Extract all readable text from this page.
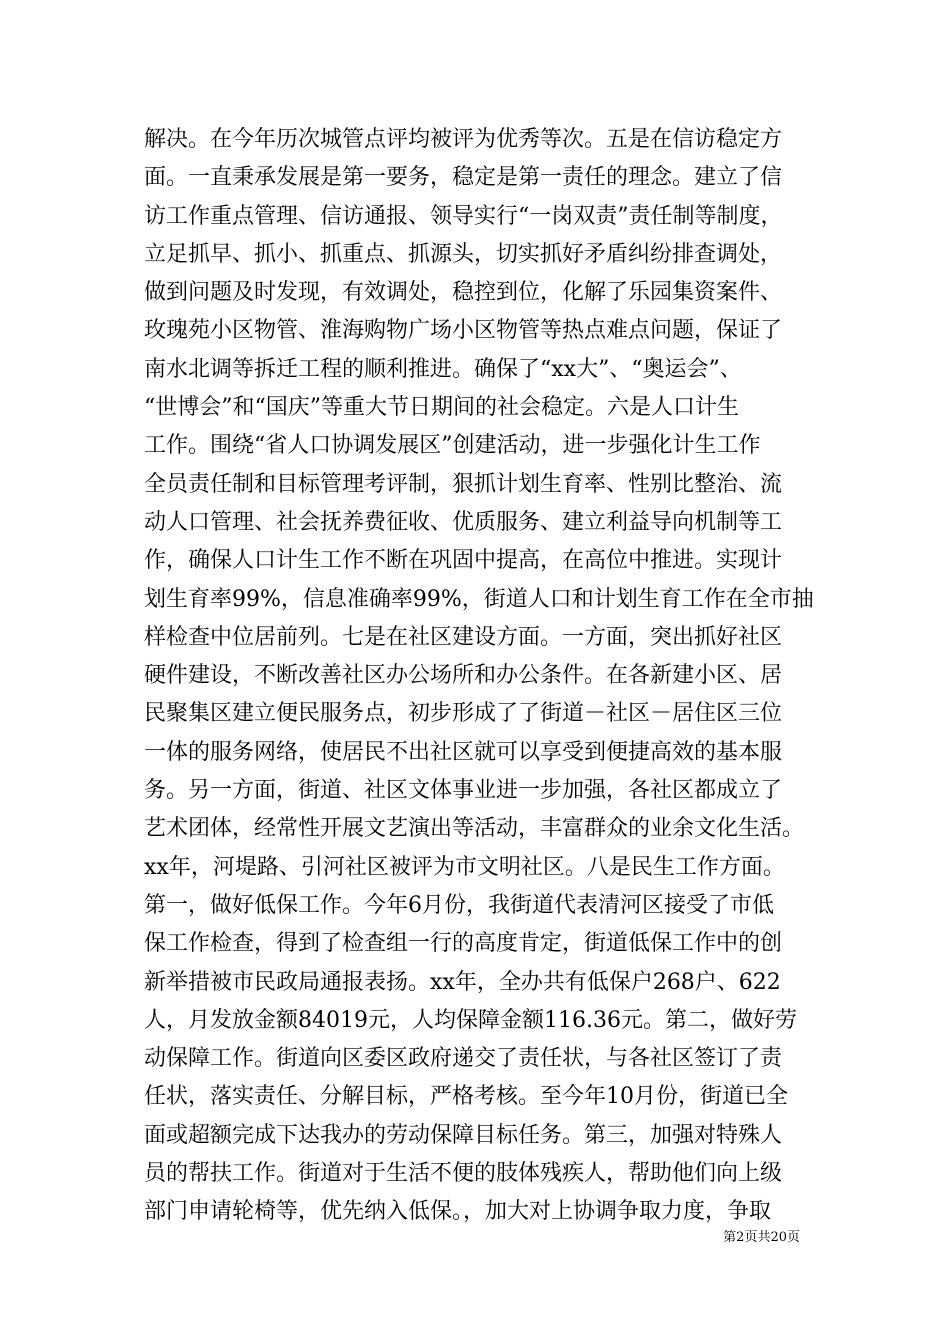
解决。在今年历次城管点评均被评为优秀等次。五是在信访稳定方
面。一直秉承发展是第一要务，稳定是第一责任的理念。建立了信
访工作重点管理、信访通报、领导实行“一岗双责”责任制等制度，
立足抓早、抓小、抓重点、抓源头，切实抓好矛盾纠纷排查调处，
做到问题及时发现，有效调处，稳控到位，化解了乐园集资案件、
玫瑰苑小区物管、淮海购物广场小区物管等热点难点问题，保证了
南水北调等拆迁工程的顺利推进。确保了“xx大”、“奥运会”、
“世博会”和“国庆”等重大节日期间的社会稳定。六是人口计生
工作。围绕“省人口协调发展区”创建活动，进一步强化计生工作
全员责任制和目标管理考评制，狠抓计划生育率、性别比整治、流
动人口管理、社会抚养费征收、优质服务、建立利益导向机制等工
作，确保人口计生工作不断在巩固中提高，在高位中推进。实现计
划生育率99%，信息准确率99%，街道人口和计划生育工作在全市抽
样检查中位居前列。七是在社区建设方面。一方面，突出抓好社区
硬件建设，不断改善社区办公场所和办公条件。在各新建小区、居
民聚集区建立便民服务点，初步形成了了街道－社区－居住区三位
一体的服务网络，使居民不出社区就可以享受到便捷高效的基本服
务。另一方面，街道、社区文体事业进一步加强，各社区都成立了
艺术团体，经常性开展文艺演出等活动，丰富群众的业余文化生活。
xx年，河堤路、引河社区被评为市文明社区。八是民生工作方面。
第一，做好低保工作。今年6月份，我街道代表清河区接受了市低
保工作检查，得到了检查组一行的高度肯定，街道低保工作中的创
新举措被市民政局通报表扬。xx年，全办共有低保户268户、622
人，月发放金额84019元，人均保障金额116.36元。第二，做好劳
动保障工作。街道向区委区政府递交了责任状，与各社区签订了责
任状，落实责任、分解目标，严格考核。至今年10月份，街道已全
面或超额完成下达我办的劳动保障目标任务。第三，加强对特殊人
员的帮扶工作。街道对于生活不便的肢体残疾人，帮助他们向上级
部门申请轮椅等，优先纳入低保。，加大对上协调争取力度，争取
第2页共20页
